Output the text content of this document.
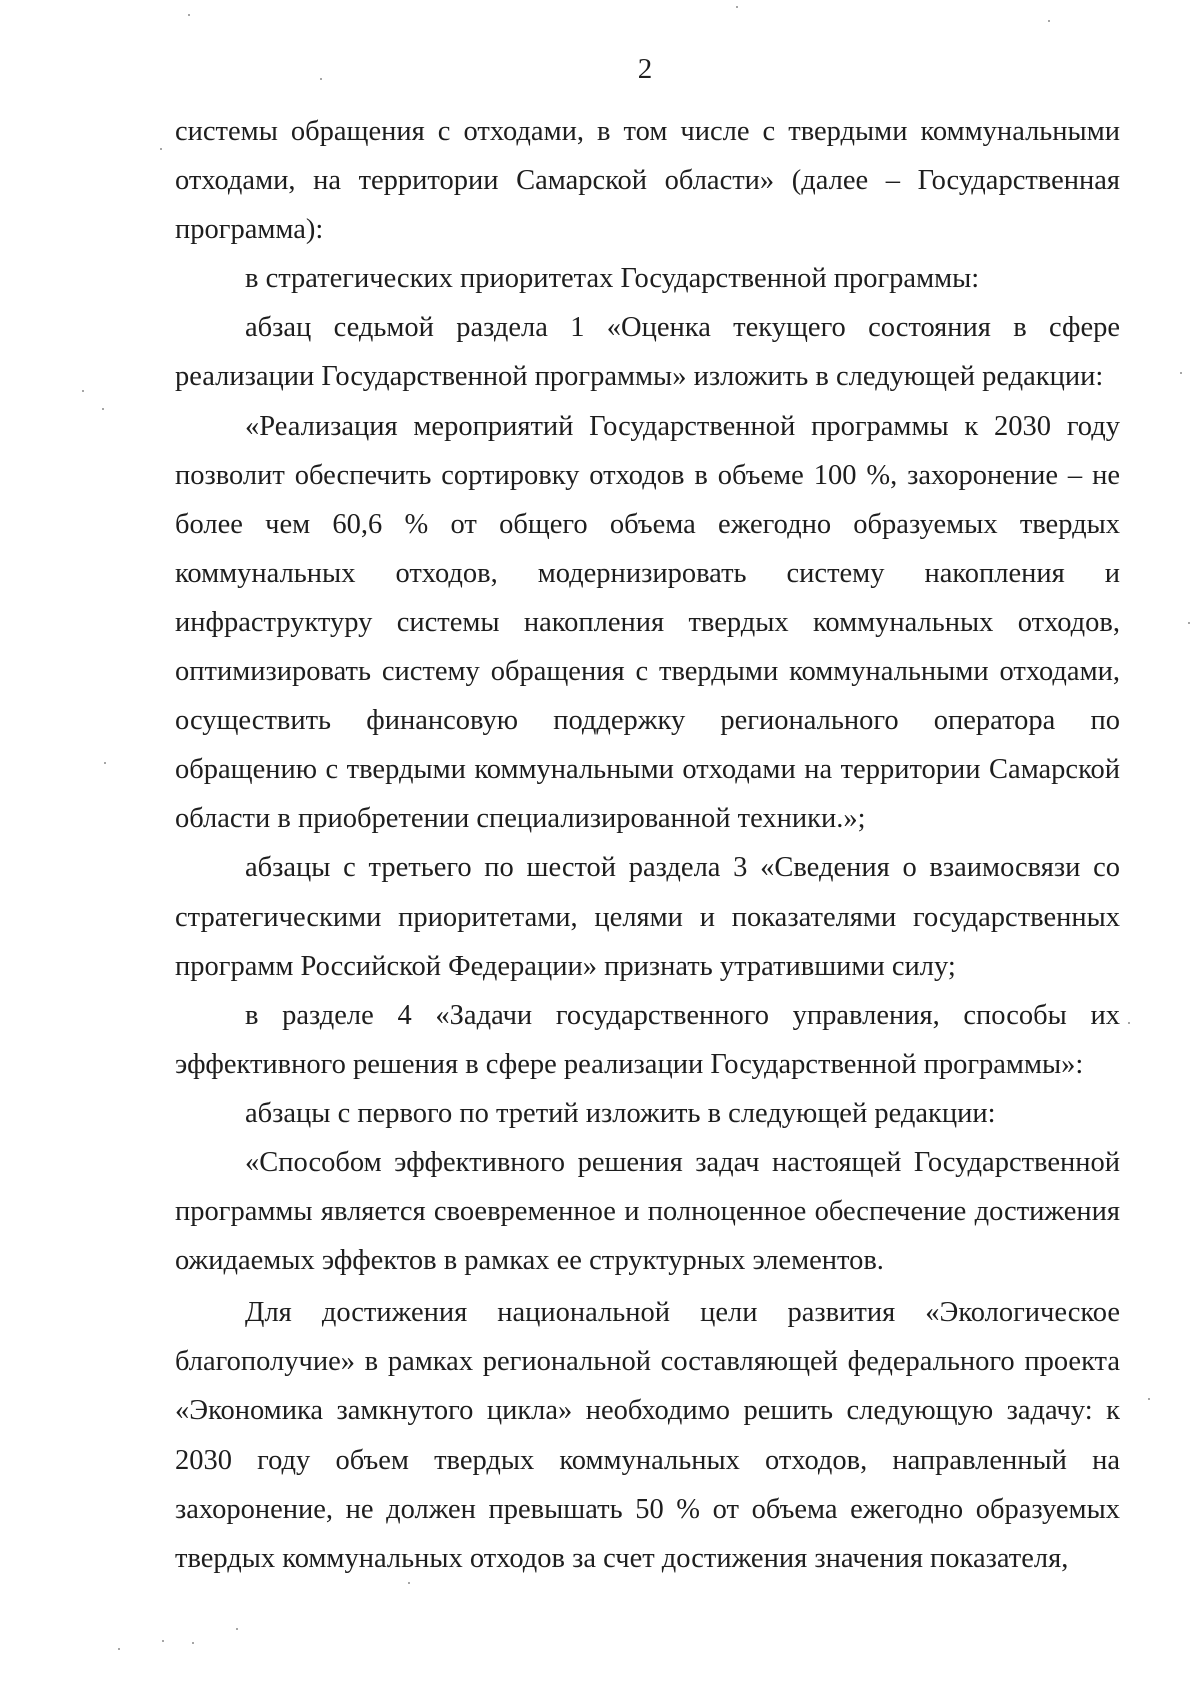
2

системы обращения с отходами, в том числе с твердыми коммунальными отходами, на территории Самарской области» (далее – Государственная программа):

в стратегических приоритетах Государственной программы:

абзац седьмой раздела 1 «Оценка текущего состояния в сфере реализации Государственной программы» изложить в следующей редакции:

«Реализация мероприятий Государственной программы к 2030 году позволит обеспечить сортировку отходов в объеме 100 %, захоронение – не более чем 60,6 % от общего объема ежегодно образуемых твердых коммунальных отходов, модернизировать систему накопления и инфраструктуру системы накопления твердых коммунальных отходов, оптимизировать систему обращения с твердыми коммунальными отходами, осуществить финансовую поддержку регионального оператора по обращению с твердыми коммунальными отходами на территории Самарской области в приобретении специализированной техники.»;

абзацы с третьего по шестой раздела 3 «Сведения о взаимосвязи со стратегическими приоритетами, целями и показателями государственных программ Российской Федерации» признать утратившими силу;

в разделе 4 «Задачи государственного управления, способы их эффективного решения в сфере реализации Государственной программы»:

абзацы с первого по третий изложить в следующей редакции:

«Способом эффективного решения задач настоящей Государственной программы является своевременное и полноценное обеспечение достижения ожидаемых эффектов в рамках ее структурных элементов.

Для достижения национальной цели развития «Экологическое благополучие» в рамках региональной составляющей федерального проекта «Экономика замкнутого цикла» необходимо решить следующую задачу: к 2030 году объем твердых коммунальных отходов, направленный на захоронение, не должен превышать 50 % от объема ежегодно образуемых твердых коммунальных отходов за счет достижения значения показателя,
